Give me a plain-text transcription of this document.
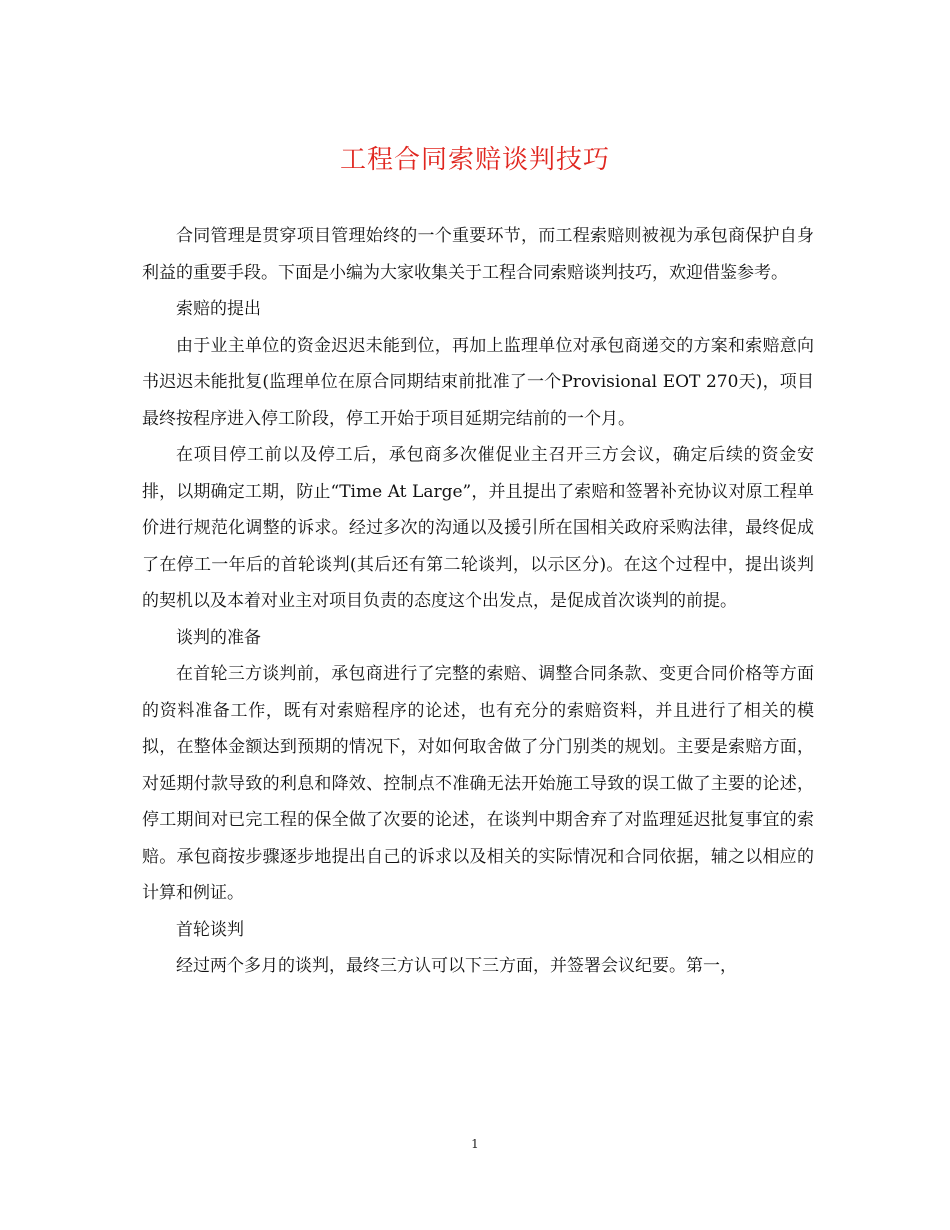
工程合同索赔谈判技巧

合同管理是贯穿项目管理始终的一个重要环节，而工程索赔则被视为承包商保护自身利益的重要手段。下面是小编为大家收集关于工程合同索赔谈判技巧，欢迎借鉴参考。

索赔的提出

由于业主单位的资金迟迟未能到位，再加上监理单位对承包商递交的方案和索赔意向书迟迟未能批复(监理单位在原合同期结束前批准了一个Provisional EOT 270天)，项目最终按程序进入停工阶段，停工开始于项目延期完结前的一个月。

在项目停工前以及停工后，承包商多次催促业主召开三方会议，确定后续的资金安排，以期确定工期，防止“Time At Large”，并且提出了索赔和签署补充协议对原工程单价进行规范化调整的诉求。经过多次的沟通以及援引所在国相关政府采购法律，最终促成了在停工一年后的首轮谈判(其后还有第二轮谈判，以示区分)。在这个过程中，提出谈判的契机以及本着对业主对项目负责的态度这个出发点，是促成首次谈判的前提。

谈判的准备

在首轮三方谈判前，承包商进行了完整的索赔、调整合同条款、变更合同价格等方面的资料准备工作，既有对索赔程序的论述，也有充分的索赔资料，并且进行了相关的模拟，在整体金额达到预期的情况下，对如何取舍做了分门别类的规划。主要是索赔方面，对延期付款导致的利息和降效、控制点不准确无法开始施工导致的误工做了主要的论述，停工期间对已完工程的保全做了次要的论述，在谈判中期舍弃了对监理延迟批复事宜的索赔。承包商按步骤逐步地提出自己的诉求以及相关的实际情况和合同依据，辅之以相应的计算和例证。

首轮谈判

经过两个多月的谈判，最终三方认可以下三方面，并签署会议纪要。第一，

1
